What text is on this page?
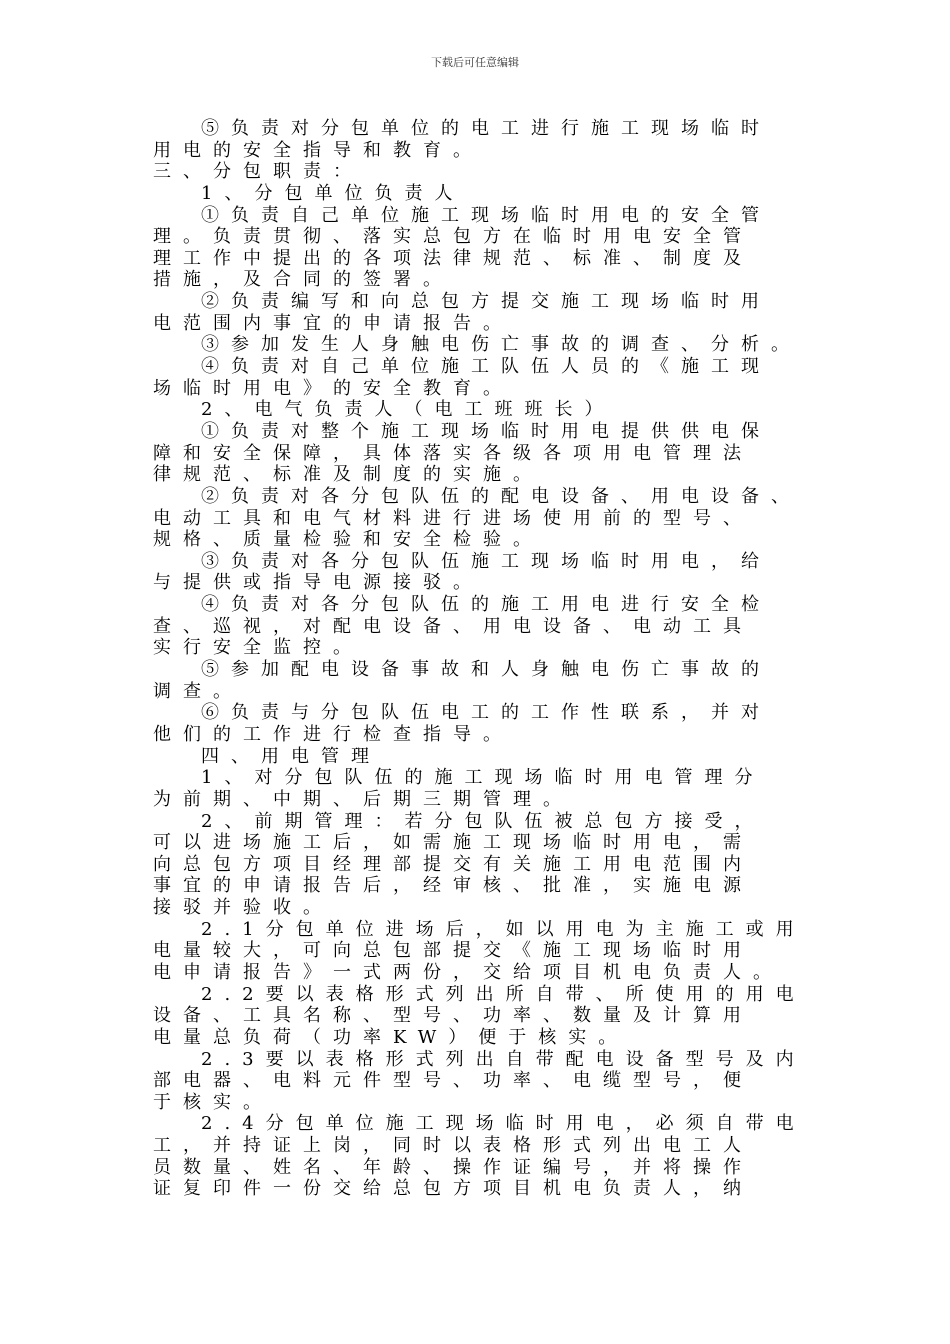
下载后可任意编辑
⑤负责对分包单位的电工进行施工现场临时
用电的安全指导和教育。
三、分包职责：
1、分包单位负责人
①负责自己单位施工现场临时用电的安全管
理。负责贯彻、落实总包方在临时用电安全管
理工作中提出的各项法律规范、标准、制度及
措施，及合同的签署。
②负责编写和向总包方提交施工现场临时用
电范围内事宜的申请报告。
③参加发生人身触电伤亡事故的调查、分析。
④负责对自己单位施工队伍人员的《施工现
场临时用电》的安全教育。
2、电气负责人（电工班班长）
①负责对整个施工现场临时用电提供供电保
障和安全保障，具体落实各级各项用电管理法
律规范、标准及制度的实施。
②负责对各分包队伍的配电设备、用电设备、
电动工具和电气材料进行进场使用前的型号、
规格、质量检验和安全检验。
③负责对各分包队伍施工现场临时用电，给
与提供或指导电源接驳。
④负责对各分包队伍的施工用电进行安全检
查、巡视，对配电设备、用电设备、电动工具
实行安全监控。
⑤参加配电设备事故和人身触电伤亡事故的
调查。
⑥负责与分包队伍电工的工作性联系，并对
他们的工作进行检查指导。
四、用电管理
1、对分包队伍的施工现场临时用电管理分
为前期、中期、后期三期管理。
2、前期管理：若分包队伍被总包方接受，
可以进场施工后，如需施工现场临时用电，需
向总包方项目经理部提交有关施工用电范围内
事宜的申请报告后，经审核、批准，实施电源
接驳并验收。
2.1分包单位进场后，如以用电为主施工或用
电量较大，可向总包部提交《施工现场临时用
电申请报告》一式两份，交给项目机电负责人。
2.2要以表格形式列出所自带、所使用的用电
设备、工具名称、型号、功率、数量及计算用
电量总负荷（功率KW）便于核实。
2.3要以表格形式列出自带配电设备型号及内
部电器、电料元件型号、功率、电缆型号，便
于核实。
2.4分包单位施工现场临时用电，必须自带电
工，并持证上岗，同时以表格形式列出电工人
员数量、姓名、年龄、操作证编号，并将操作
证复印件一份交给总包方项目机电负责人，纳
